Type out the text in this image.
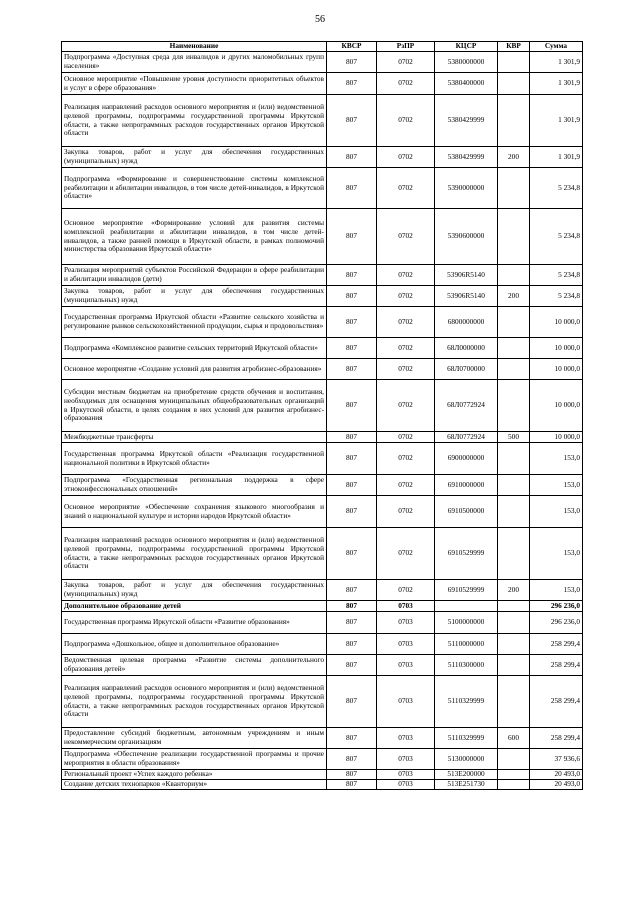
56
Наименование	КВСР	РзПР	КЦСР	КВР	Сумма
Подпрограмма «Доступная среда для инвалидов и других маломобильных групп населения»	807	0702	5380000000		1 301,9
Основное мероприятие «Повышение уровня доступности приоритетных объектов и услуг в сфере образования»	807	0702	5380400000		1 301,9
Реализация направлений расходов основного мероприятия и (или) ведомственной целевой программы, подпрограммы государственной программы Иркутской области, а также непрограммных расходов государственных органов Иркутской области	807	0702	5380429999		1 301,9
Закупка товаров, работ и услуг для обеспечения государственных (муниципальных) нужд	807	0702	5380429999	200	1 301,9
Подпрограмма «Формирование и совершенствование системы комплексной реабилитации и абилитации инвалидов, в том числе детей-инвалидов, в Иркутской области»	807	0702	5390000000		5 234,8
Основное мероприятие «Формирование условий для развития системы комплексной реабилитации и абилитации инвалидов, в том числе детей-инвалидов, а также ранней помощи в Иркутской области, в рамках полномочий министерства образования Иркутской области»	807	0702	5390600000		5 234,8
Реализация мероприятий субъектов Российской Федерации в сфере реабилитации и абилитации инвалидов (дети)	807	0702	53906R5140		5 234,8
Закупка товаров, работ и услуг для обеспечения государственных (муниципальных) нужд	807	0702	53906R5140	200	5 234,8
Государственная программа Иркутской области «Развитие сельского хозяйства и регулирование рынков сельскохозяйственной продукции, сырья и продовольствия»	807	0702	6800000000		10 000,0
Подпрограмма «Комплексное развитие сельских территорий Иркутской области»	807	0702	68Л0000000		10 000,0
Основное мероприятие «Создание условий для развития агробизнес-образования»	807	0702	68Л0700000		10 000,0
Субсидии местным бюджетам на приобретение средств обучения и воспитания, необходимых для оснащения муниципальных общеобразовательных организаций в Иркутской области, в целях создания в них условий для развития агробизнес-образования	807	0702	68Л0772924		10 000,0
Межбюджетные трансферты	807	0702	68Л0772924	500	10 000,0
Государственная программа Иркутской области «Реализация государственной национальной политики в Иркутской области»	807	0702	6900000000		153,0
Подпрограмма «Государственная региональная поддержка в сфере этноконфессиональных отношений»	807	0702	6910000000		153,0
Основное мероприятие «Обеспечение сохранения языкового многообразия и знаний о национальной культуре и истории народов Иркутской области»	807	0702	6910500000		153,0
Реализация направлений расходов основного мероприятия и (или) ведомственной целевой программы, подпрограммы государственной программы Иркутской области, а также непрограммных расходов государственных органов Иркутской области	807	0702	6910529999		153,0
Закупка товаров, работ и услуг для обеспечения государственных (муниципальных) нужд	807	0702	6910529999	200	153,0
Дополнительное образование детей	807	0703			296 236,0
Государственная программа Иркутской области «Развитие образования»	807	0703	5100000000		296 236,0
Подпрограмма «Дошкольное, общее и дополнительное образование»	807	0703	5110000000		258 299,4
Ведомственная целевая программа «Развитие системы дополнительного образования детей»	807	0703	5110300000		258 299,4
Реализация направлений расходов основного мероприятия и (или) ведомственной целевой программы, подпрограммы государственной программы Иркутской области, а также непрограммных расходов государственных органов Иркутской области	807	0703	5110329999		258 299,4
Предоставление субсидий бюджетным, автономным учреждениям и иным некоммерческим организациям	807	0703	5110329999	600	258 299,4
Подпрограмма «Обеспечение реализации государственной программы и прочие мероприятия в области образования»	807	0703	5130000000		37 936,6
Региональный проект «Успех каждого ребенка»	807	0703	513E200000		20 493,0
Создание детских технопарков «Кванториум»	807	0703	513E251730		20 493,0
